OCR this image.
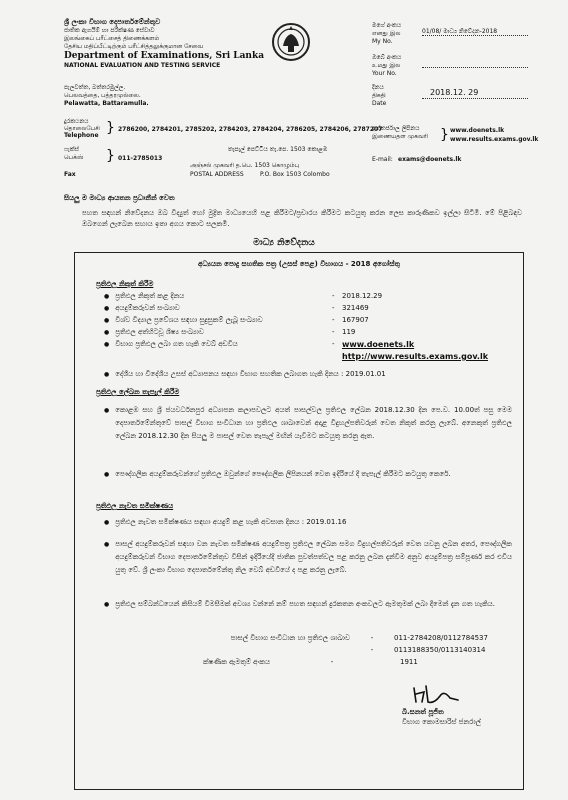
ශ්‍රී ලංකා විභාග දෙපාර්තමේන්තුව
ජාතික ඇගයීම් හා පරීක්ෂණ සේවාව
இலங்கைப் பரீட்சைத் திணைக்களம்
தேசிய மதிப்பீட்டிற்கும் பரீட்சித்தலுக்குமான சேவை
Department of Examinations, Sri Lanka
NATIONAL EVALUATION AND TESTING SERVICE
පැලවත්ත, බත්තරමුල්ල.
பெலவத்தை, பத்தரமுல்லை.
Pelawatta, Battaramulla.
දුරකථනය
தொலைபேசி
Telephone } 2786200, 2784201, 2785202, 2784203, 2784204, 2786205, 2784206, 2787207
ෆැක්ස්
பெக்ஸ்
Fax
} 011-2785013
තැපැල් පෙට්ටිය තැ.පෙ. 1503 කොළඹ
அஞ்சல் முகவரி த.பெ. 1503 கொழும்பு
POSTAL ADDRESS	P.O. Box 1503 Colombo
මගේ අංකය
எனது இல
My No.
01/08/ මාධ්‍ය නිවේදන-2018
ඔබේ අංකය
உமது இல
Your No.
දිනය
திகதி
Date
2018.12. 29
අන්තර්ජාල ලිපිනය
இணையதள முகவரி } www.doenets.lk
www.results.exams.gov.lk
E-mail: exams@doenets.lk
සියලු ම මාධ්‍ය ආයතන ප්‍රධානීන් වෙත
පහත සඳහන් නිවේදනය ඔබ විද්‍යුත් හෝ මුද්‍රිත මාධ්‍යයෙහි පළ කිරීමට/ප්‍රචාරය කිරීමට කටයුතු කරන ලෙස කාරුණිකව ඉල්ලා සිටිමි. මේ පිළිබඳව ඔබගෙන් ලැබෙන සහාය ඉතා අගය කොට සලකමි.
මාධ්‍ය නිවේදනය
අධ්‍යයන පොදු සහතික පත්‍ර (උසස් පෙළ) විභාගය - 2018 අගෝස්තු
ප්‍රතිඵල නිකුත් කිරීම
● ප්‍රතිඵල නිකුත් කළ දිනය	-	2018.12.29
● අයදුම්කරුවන් සංඛ්‍යාව	-	321469
● විශ්ව විද්‍යාල ප්‍රවේශය සඳහා සුදුසුකම් ලැබූ සංඛ්‍යාව	-	167907
● ප්‍රතිඵල අත්හිටවූ ශිෂ්‍ය සංඛ්‍යාව	-	119
● විභාග ප්‍රතිඵල ලබා ගත හැකි වෙබ් අඩවිය	- www.doenets.lk
http://www.results.exams.gov.lk
● දේශීය හා විදේශීය උසස් අධ්‍යාපනය සඳහා විභාග සහතික ලබාගත හැකි දිනය : 2019.01.01
ප්‍රතිඵල ලේඛන තැපැල් කිරීම
●
කොළඹ සහ ශ්‍රී ජයවර්ධනපුර අධ්‍යාපන කලාපවලට අයත් පාසල්වල ප්‍රතිඵල ලේඛන 2018.12.30 දින පෙ.ව. 10.00ත් පසු මෙම දෙපාර්තමේන්තුවේ පාසල් විභාග සංවිධාන හා ප්‍රතිඵල ශාඛාවෙන් අදාළ විදුහල්පතිවරුන් වෙත නිකුත් කරනු ලැබේ. අනෙකුත් ප්‍රතිඵල ලේඛන 2018.12.30 දින සියලු ම පාසල් වෙත තැපැල් මඟින් යැවීමට කටයුතු කරනු ඇත.
●
පෞද්ගලික අයදුම්කරුවන්ගේ ප්‍රතිඵල ඔවුන්ගේ පෞද්ගලික ලිපිනයන් වෙත ඉදිරියේ දී තැපැල් කිරීමට කටයුතු කෙරේ.
ප්‍රතිඵල නැවත සමීක්ෂණය
●
ප්‍රතිඵල නැවත සමීක්ෂණය සඳහා අයදුම් කළ හැකි අවසාන දිනය : 2019.01.16
●
පාසල් අයදුම්කරුවන් සඳහා වන නැවත සමීක්ෂණ අයදුම්පත්‍ර ප්‍රතිඵල ලේඛන සමග විදුහල්පතිවරුන් වෙත යවනු ලබන අතර, පෞද්ගලික අයදුම්කරුවන් විභාග දෙපාර්තමේන්තුව විසින් ඉදිරියේදී ජාතික පුවත්පත්වල පළ කරනු ලබන දැන්වීම අනුව අයදුම්පත්‍ර සම්පූර්ණ කර එවිය යුතු වේ. ශ්‍රී ලංකා විභාග දෙපාර්තමේන්තු නිල වෙබ් අඩවියේ ද පළ කරනු ලැබේ.
●
ප්‍රතිඵල සම්බන්ධයෙන් කිසියම් විමසීමක් අවශ්‍ය වන්නේ නම් පහත සඳහන් දුරකතන අංකවලට ඇමතුමක් ලබා දීමෙන් දැන ගත හැකිය.
පාසල් විභාග සංවිධාන හා ප්‍රතිඵල ශාඛාව	-	011-2784208/0112784537
-	0113188350/0113140314
ක්ෂණික ඇමතුම් අංකය	-	1911
බී.සනත් පූජිත
විභාග කොමසාරිස් ජනරාල්
